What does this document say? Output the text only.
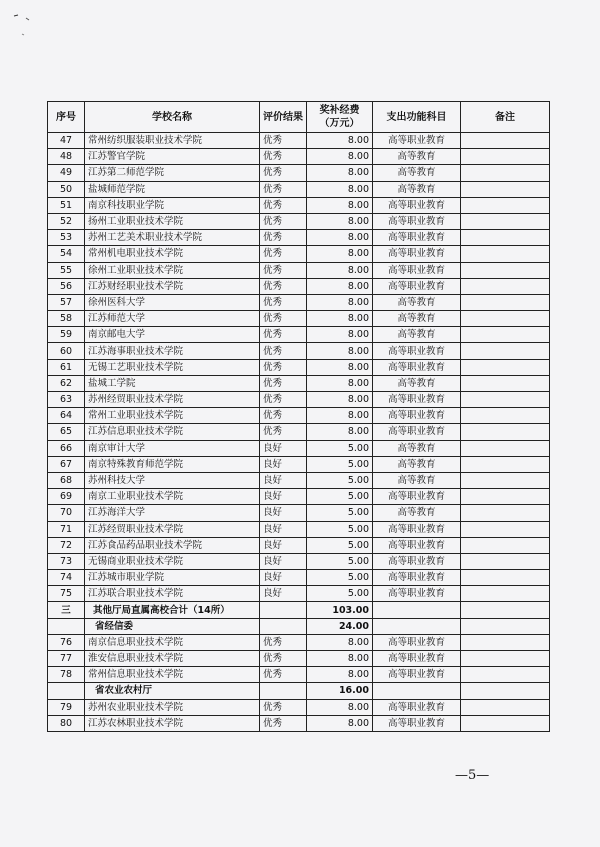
序号	学校名称	评价结果	奖补经费（万元）	支出功能科目	备注
47	常州纺织服装职业技术学院	优秀	8.00	高等职业教育	
48	江苏警官学院	优秀	8.00	高等教育	
49	江苏第二师范学院	优秀	8.00	高等教育	
50	盐城师范学院	优秀	8.00	高等教育	
51	南京科技职业学院	优秀	8.00	高等职业教育	
52	扬州工业职业技术学院	优秀	8.00	高等职业教育	
53	苏州工艺美术职业技术学院	优秀	8.00	高等职业教育	
54	常州机电职业技术学院	优秀	8.00	高等职业教育	
55	徐州工业职业技术学院	优秀	8.00	高等职业教育	
56	江苏财经职业技术学院	优秀	8.00	高等职业教育	
57	徐州医科大学	优秀	8.00	高等教育	
58	江苏师范大学	优秀	8.00	高等教育	
59	南京邮电大学	优秀	8.00	高等教育	
60	江苏海事职业技术学院	优秀	8.00	高等职业教育	
61	无锡工艺职业技术学院	优秀	8.00	高等职业教育	
62	盐城工学院	优秀	8.00	高等教育	
63	苏州经贸职业技术学院	优秀	8.00	高等职业教育	
64	常州工业职业技术学院	优秀	8.00	高等职业教育	
65	江苏信息职业技术学院	优秀	8.00	高等职业教育	
66	南京审计大学	良好	5.00	高等教育	
67	南京特殊教育师范学院	良好	5.00	高等教育	
68	苏州科技大学	良好	5.00	高等教育	
69	南京工业职业技术学院	良好	5.00	高等职业教育	
70	江苏海洋大学	良好	5.00	高等教育	
71	江苏经贸职业技术学院	良好	5.00	高等职业教育	
72	江苏食品药品职业技术学院	良好	5.00	高等职业教育	
73	无锡商业职业技术学院	良好	5.00	高等职业教育	
74	江苏城市职业学院	良好	5.00	高等职业教育	
75	江苏联合职业技术学院	良好	5.00	高等职业教育	
三	其他厅局直属高校合计（14所）		103.00		
	省经信委		24.00		
76	南京信息职业技术学院	优秀	8.00	高等职业教育	
77	淮安信息职业技术学院	优秀	8.00	高等职业教育	
78	常州信息职业技术学院	优秀	8.00	高等职业教育	
	省农业农村厅		16.00		
79	苏州农业职业技术学院	优秀	8.00	高等职业教育	
80	江苏农林职业技术学院	优秀	8.00	高等职业教育	
—5—
